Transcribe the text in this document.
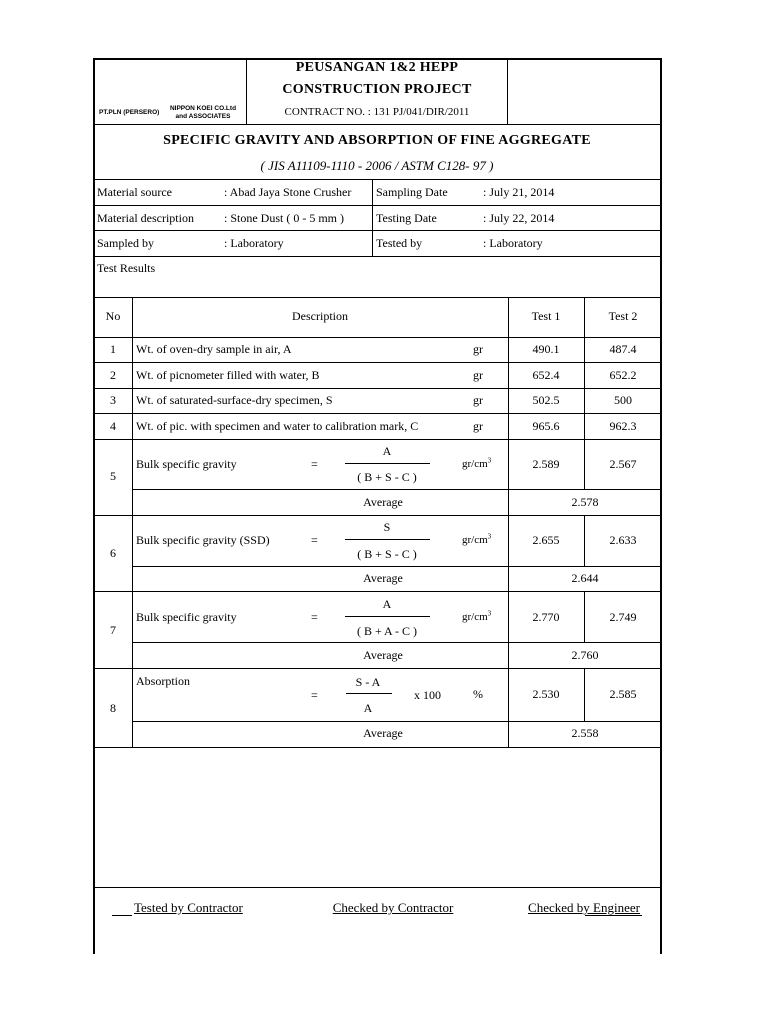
PT.PLN (PERSERO)
NIPPON KOEI CO.Ltd
and ASSOCIATES
PEUSANGAN 1&2 HEPP
CONSTRUCTION PROJECT
CONTRACT NO. : 131 PJ/041/DIR/2011
SPECIFIC GRAVITY AND ABSORPTION OF FINE AGGREGATE
( JIS A11109-1110 - 2006 / ASTM C128- 97 )
Material source	: Abad Jaya Stone Crusher Sampling Date	: July 21, 2014
Material description	: Stone Dust ( 0 - 5 mm )	Testing Date	: July 22, 2014
Sampled by	: Laboratory	Tested by	: Laboratory
Test Results
No	Description	Test 1	Test 2
1 Wt. of oven-dry sample in air, A	gr	490.1	487.4
2 Wt. of picnometer filled with water, B	gr	652.4	652.2
3 Wt. of saturated-surface-dry specimen, S	gr	502.5	500
4 Wt. of pic. with specimen and water to calibration mark, C	gr	965.6	962.3
5
Bulk specific gravity	=
A
( B + S - C )
$gr/cm^3$	2.589	2.567
Average	2.578
6
Bulk specific gravity (SSD)	=
S
( B + S - C )
$gr/cm^3$	2.655	2.633
Average	2.644
7
Bulk specific gravity	=
A
( B + A - C )
$gr/cm^3$	2.770	2.749
Average	2.760
8
Absorption
=
S - A
A
x 100	%	2.530	2.585
Average	2.558
Tested by Contractor	Checked by Contractor	Checked by Engineer
